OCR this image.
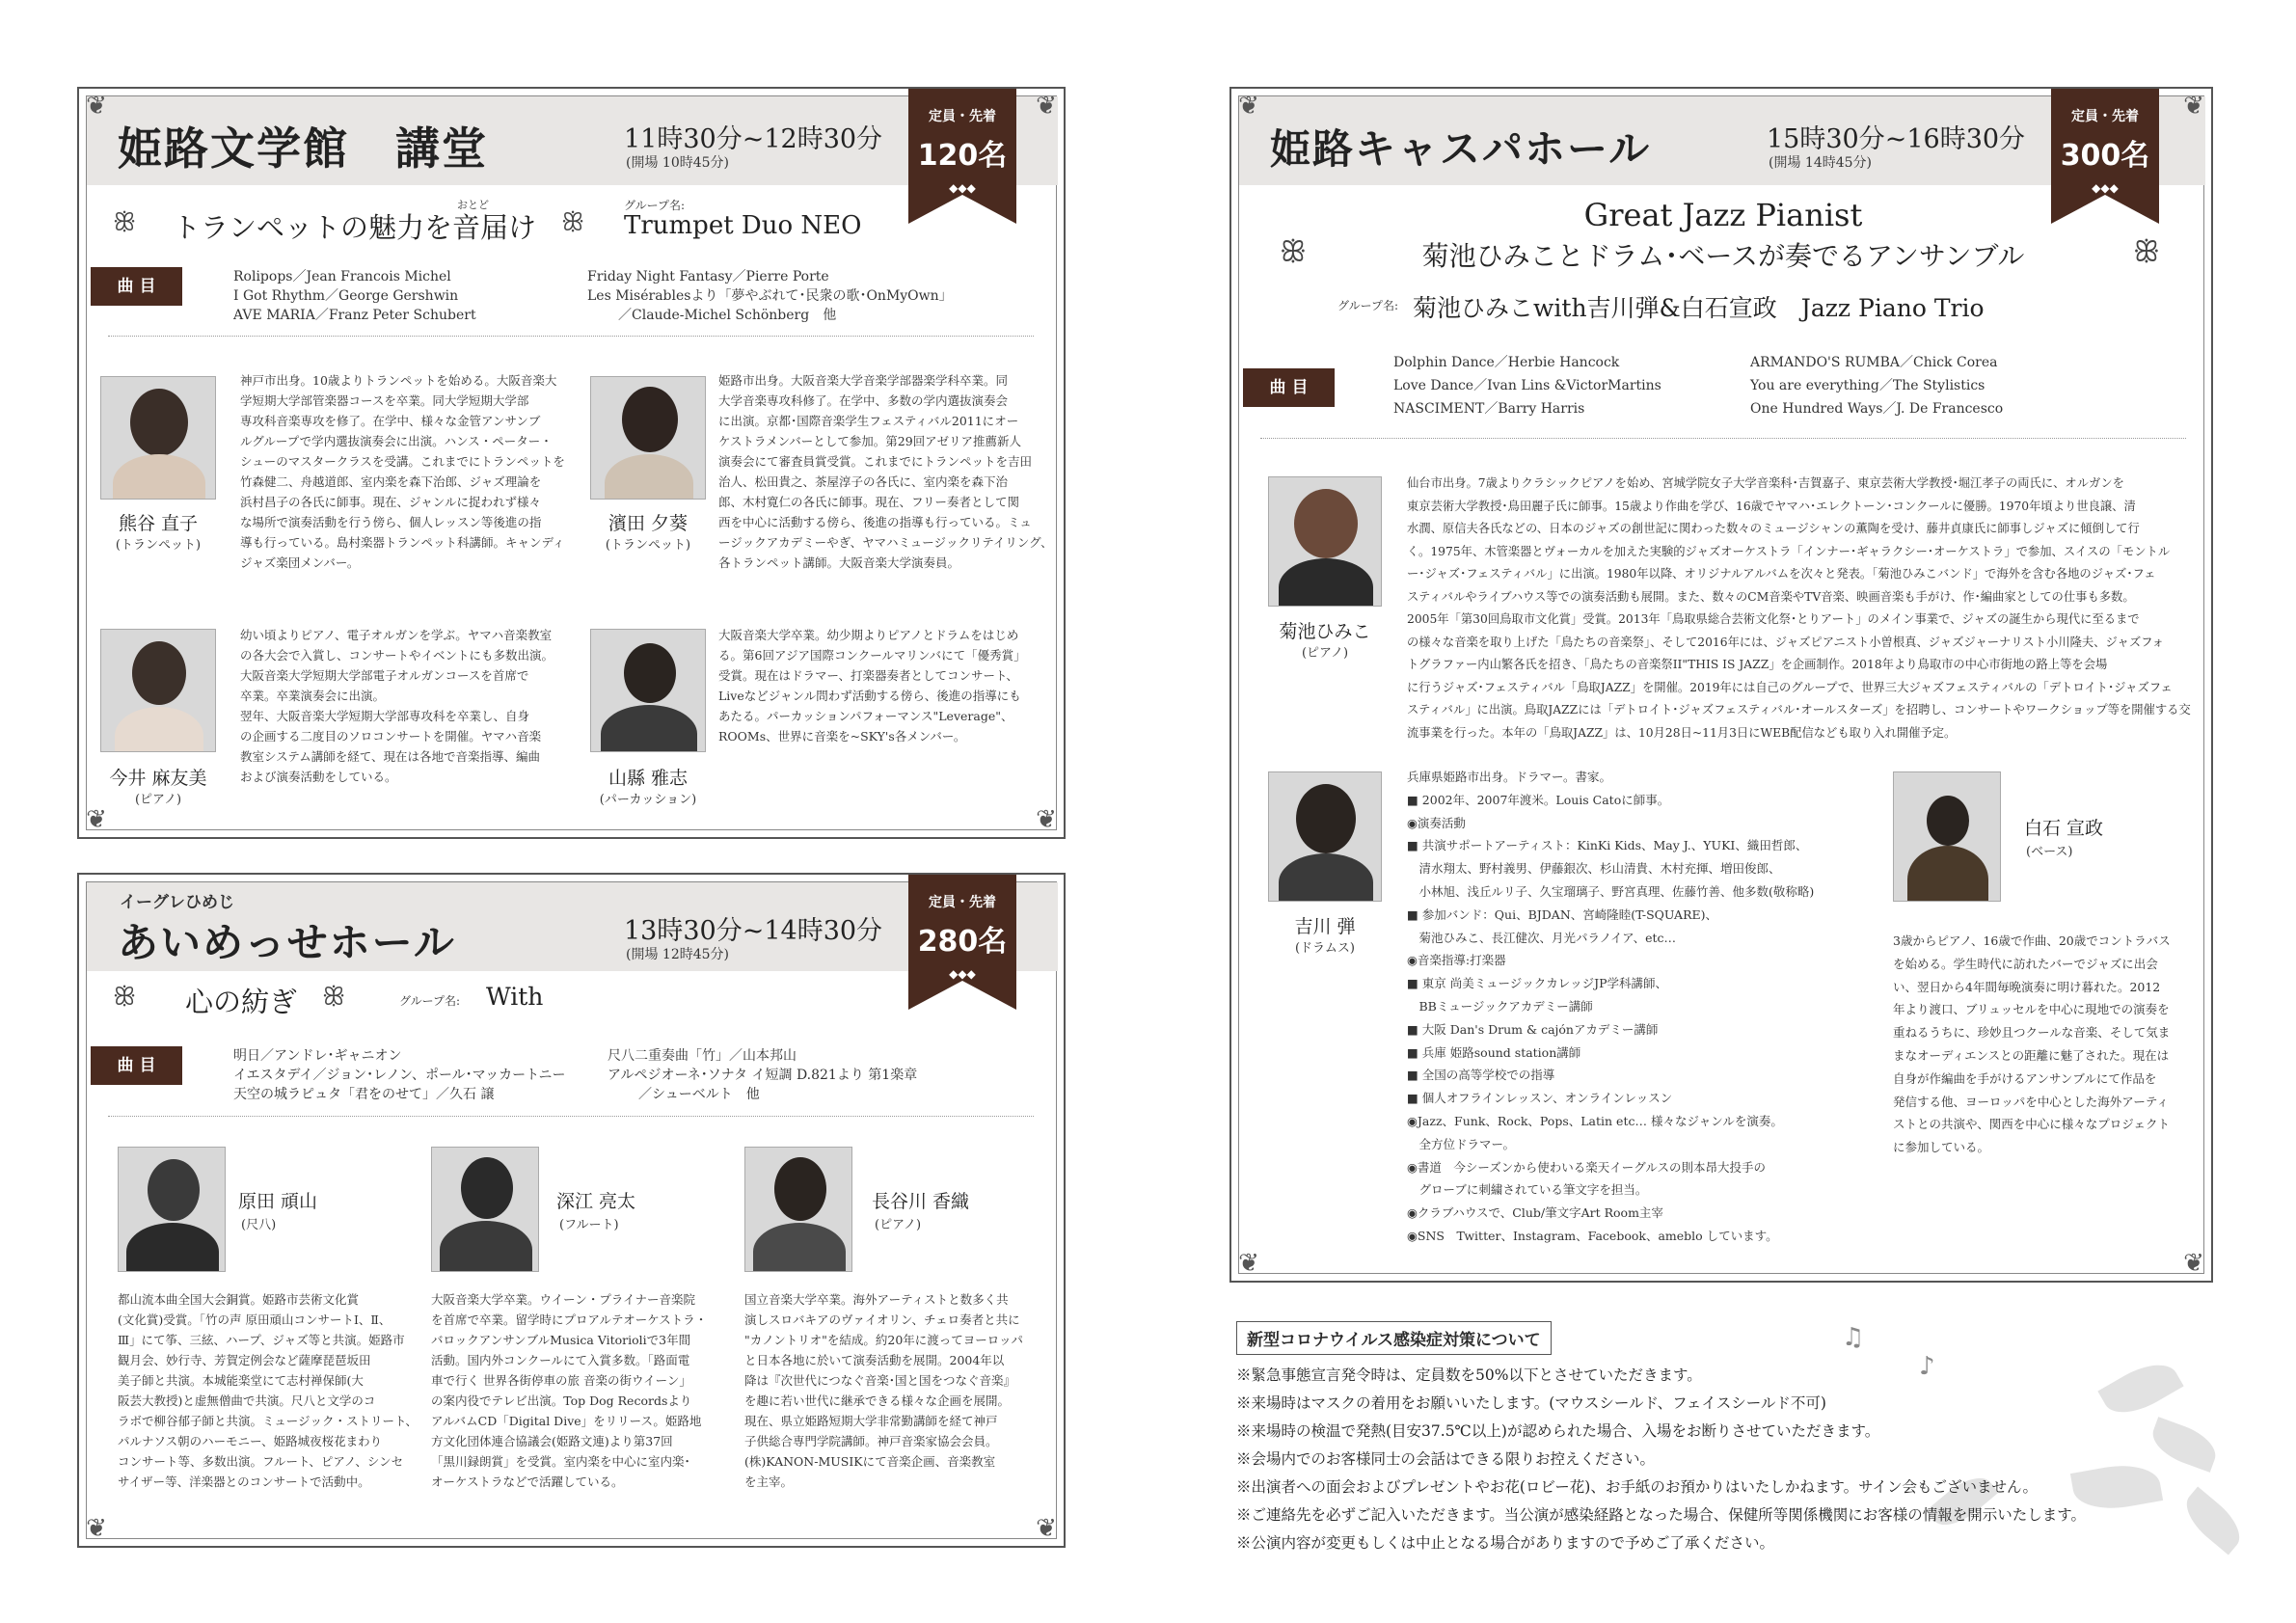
❦	❦
❦	❦
姫路文学館　講堂	11時30分~12時30分
(開場 10時45分)
定員・先着
120名
◆◆◆
ꕥ
おとど
トランペットの魅力を音届け ꕥ
グループ名:
Trumpet Duo NEO
曲 目	Rolipops／Jean Francois Michel
I Got Rhythm／George Gershwin
AVE MARIA／Franz Peter Schubert
Friday Night Fantasy／Pierre Porte
Les Misérablesより「夢やぶれて･民衆の歌･OnMyOwn」
／Claude-Michel Schönberg　他
熊谷 直子
(トランペット)
神戸市出身。10歳よりトランペットを始める。大阪音楽大
学短期大学部管楽器コースを卒業。同大学短期大学部
専攻科音楽専攻を修了。在学中、様々な金管アンサンブ
ルグループで学内選抜演奏会に出演。ハンス・ペーター・
シューのマスタークラスを受講。これまでにトランペットを
竹森健二、舟越道郎、室内楽を森下治郎、ジャズ理論を
浜村昌子の各氏に師事。現在、ジャンルに捉われず様々
な場所で演奏活動を行う傍ら、個人レッスン等後進の指
導も行っている。島村楽器トランペット科講師。キャンディ
ジャズ楽団メンバー。
濱田 夕葵
(トランペット)
姫路市出身。大阪音楽大学音楽学部器楽学科卒業。同
大学音楽専攻科修了。在学中、多数の学内選抜演奏会
に出演。京都･国際音楽学生フェスティバル2011にオー
ケストラメンバーとして参加。第29回アゼリア推薦新人
演奏会にて審査員賞受賞。これまでにトランペットを吉田
治人、松田貴之、茶屋淳子の各氏に、室内楽を森下治
郎、木村寛仁の各氏に師事。現在、フリー奏者として関
西を中心に活動する傍ら、後進の指導も行っている。ミュ
ージックアカデミーやぎ、ヤマハミュージックリテイリング、
各トランペット講師。大阪音楽大学演奏員。
今井 麻友美
(ピアノ)
幼い頃よりピアノ、電子オルガンを学ぶ。ヤマハ音楽教室
の各大会で入賞し、コンサートやイベントにも多数出演。
大阪音楽大学短期大学部電子オルガンコースを首席で
卒業。卒業演奏会に出演。
翌年、大阪音楽大学短期大学部専攻科を卒業し、自身
の企画する二度目のソロコンサートを開催。ヤマハ音楽
教室システム講師を経て、現在は各地で音楽指導、編曲
および演奏活動をしている。	山縣 雅志
(パーカッション)
大阪音楽大学卒業。幼少期よりピアノとドラムをはじめ
る。第6回アジア国際コンクールマリンバにて「優秀賞」
受賞。現在はドラマー、打楽器奏者としてコンサート、
Liveなどジャンル問わず活動する傍ら、後進の指導にも
あたる。パーカッションパフォーマンス"Leverage"、
ROOMs、世界に音楽を~SKY's各メンバー。
❦	❦
イーグレひめじ
あいめっせホール	13時30分~14時30分
(開場 12時45分)
定員・先着
280名
◆◆◆
ꕥ 心の紡ぎ ꕥ	グループ名: With
曲 目	明日／アンドレ･ギャニオン
イエスタデイ／ジョン･レノン、ポール･マッカートニー
天空の城ラピュタ「君をのせて」／久石 譲
尺八二重奏曲「竹」／山本邦山
アルペジオーネ･ソナタ イ短調 D.821より 第1楽章
／シューベルト　他
原田 頑山
(尺八)
都山流本曲全国大会銅賞。姫路市芸術文化賞
(文化賞)受賞。「竹の声 原田頑山コンサートⅠ、Ⅱ、
Ⅲ」にて筝、三絃、ハープ、ジャズ等と共演。姫路市
観月会、妙行寺、芳賀定例会など薩摩琵琶坂田
美子師と共演。本城能楽堂にて志村禅保師(大
阪芸大教授)と虚無僧曲で共演。尺八と文学のコ
ラボで柳谷郁子師と共演。ミュージック・ストリート、
パルナソス朝のハーモニー、姫路城夜桜花まわり
コンサート等、多数出演。フルート、ピアノ、シンセ
サイザー等、洋楽器とのコンサートで活動中。
深江 亮太
(フルート)
大阪音楽大学卒業。ウイーン・プライナー音楽院
を首席で卒業。留学時にプロアルテオーケストラ・
バロックアンサンブルMusica Vitorioliで3年間
活動。国内外コンクールにて入賞多数。「路面電
車で行く 世界各街停車の旅 音楽の街ウイーン」
の案内役でテレビ出演。Top Dog Recordsより
アルバムCD「Digital Dive」をリリース。姫路地
方文化団体連合協議会(姫路文連)より第37回
「黒川録朗賞」を受賞。室内楽を中心に室内楽･
オーケストラなどで活躍している。
長谷川 香織
(ピアノ)
国立音楽大学卒業。海外アーティストと数多く共
演しスロバキアのヴァイオリン、チェロ奏者と共に
"カノントリオ"を結成。約20年に渡ってヨーロッパ
と日本各地に於いて演奏活動を展開。2004年以
降は『次世代につなぐ音楽･国と国をつなぐ音楽』
を趣に若い世代に継承できる様々な企画を展開。
現在、県立姫路短期大学非常勤講師を経て神戸
子供総合専門学院講師。神戸音楽家協会会員。
(株)KANON-MUSIKにて音楽企画、音楽教室
を主宰。
❦	❦
❦	❦
姫路キャスパホール	15時30分~16時30分
(開場 14時45分)
定員・先着
300名
◆◆◆
Great Jazz Pianist
ꕥ	菊池ひみことドラム･ベースが奏でるアンサンブル	ꕥ
グループ名: 菊池ひみこwith吉川弾&白石宣政　Jazz Piano Trio
曲 目
Dolphin Dance／Herbie Hancock
Love Dance／Ivan Lins &VictorMartins
NASCIMENT／Barry Harris
ARMANDO'S RUMBA／Chick Corea
You are everything／The Stylistics
One Hundred Ways／J. De Francesco
菊池ひみこ
(ピアノ)
仙台市出身。7歳よりクラシックピアノを始め、宮城学院女子大学音楽科･吉賀嘉子、東京芸術大学教授･堀江孝子の両氏に、オルガンを
東京芸術大学教授･鳥田麗子氏に師事。15歳より作曲を学び、16歳でヤマハ･エレクトーン･コンクールに優勝。1970年頃より世良譲、清
水潤、原信夫各氏などの、日本のジャズの創世記に関わった数々のミュージシャンの薫陶を受け、藤井貞康氏に師事しジャズに傾倒して行
く。1975年、木管楽器とヴォーカルを加えた実験的ジャズオーケストラ「インナー･ギャラクシー･オーケストラ」で参加、スイスの「モントル
ー･ジャズ･フェスティバル」に出演。1980年以降、オリジナルアルバムを次々と発表。「菊池ひみこバンド」で海外を含む各地のジャズ･フェ
スティバルやライブハウス等での演奏活動も展開。また、数々のCM音楽やTV音楽、映画音楽も手がけ、作･編曲家としての仕事も多数。
2005年「第30回鳥取市文化賞」受賞。2013年「鳥取県総合芸術文化祭･とりアート」のメイン事業で、ジャズの誕生から現代に至るまで
の様々な音楽を取り上げた「鳥たちの音楽祭」、そして2016年には、ジャズピアニスト小曽根真、ジャズジャーナリスト小川隆夫、ジャズフォ
トグラファー内山繁各氏を招き、「鳥たちの音楽祭II"THIS IS JAZZ」を企画制作。2018年より鳥取市の中心市街地の路上等を会場
に行うジャズ･フェスティバル「鳥取JAZZ」を開催。2019年には自己のグループで、世界三大ジャズフェスティバルの「デトロイト･ジャズフェ
スティバル」に出演。鳥取JAZZには「デトロイト･ジャズフェスティバル･オールスターズ」を招聘し、コンサートやワークショップ等を開催する交
流事業を行った。本年の「鳥取JAZZ」は、10月28日~11月3日にWEB配信なども取り入れ開催予定。
吉川 弾
(ドラムス)
兵庫県姫路市出身。ドラマー。書家。
■ 2002年、2007年渡米。Louis Catoに師事。
◉演奏活動
■ 共演サポートアーティスト：KinKi Kids、May J.、YUKI、織田哲郎、
　清水翔太、野村義男、伊藤銀次、杉山清貴、木村充揮、増田俊郎、
　小林旭、浅丘ルリ子、久宝瑠璃子、野宮真理、佐藤竹善、他多数(敬称略)
■ 参加バンド：Qui、BJDAN、宮崎隆睦(T-SQUARE)、
　菊池ひみこ、長江健次、月光パラノイア、etc…
◉音楽指導:打楽器
■ 東京 尚美ミュージックカレッジJP学科講師、
　BBミュージックアカデミー講師
■ 大阪 Dan's Drum & cajónアカデミー講師
■ 兵庫 姫路sound station講師
■ 全国の高等学校での指導
■ 個人オフラインレッスン、オンラインレッスン
◉Jazz、Funk、Rock、Pops、Latin etc… 様々なジャンルを演奏。
　全方位ドラマー。
◉書道　今シーズンから使わいる楽天イーグルスの則本昂大投手の
　グローブに刺繍されている筆文字を担当。
◉クラブハウスで、Club/筆文字Art Room主宰
◉SNS　Twitter、Instagram、Facebook、ameblo しています。
白石 宣政
(ベース)
3歳からピアノ、16歳で作曲、20歳でコントラバス
を始める。学生時代に訪れたバーでジャズに出会
い、翌日から4年間毎晩演奏に明け暮れた。2012
年より渡口、ブリュッセルを中心に現地での演奏を
重ねるうちに、珍妙且つクールな音楽、そして気ま
まなオーディエンスとの距離に魅了された。現在は
自身が作編曲を手がけるアンサンブルにて作品を
発信する他、ヨーロッパを中心とした海外アーティ
ストとの共演や、関西を中心に様々なプロジェクト
に参加している。
♫
♪
新型コロナウイルス感染症対策について
※緊急事態宣言発令時は、定員数を50%以下とさせていただきます。
※来場時はマスクの着用をお願いいたします。(マウスシールド、フェイスシールド不可)
※来場時の検温で発熱(目安37.5℃以上)が認められた場合、入場をお断りさせていただきます。
※会場内でのお客様同士の会話はできる限りお控えください。
※出演者への面会およびプレゼントやお花(ロビー花)、お手紙のお預かりはいたしかねます。サイン会もございません。
※ご連絡先を必ずご記入いただきます。当公演が感染経路となった場合、保健所等関係機関にお客様の情報を開示いたします。
※公演内容が変更もしくは中止となる場合がありますので予めご了承ください。
